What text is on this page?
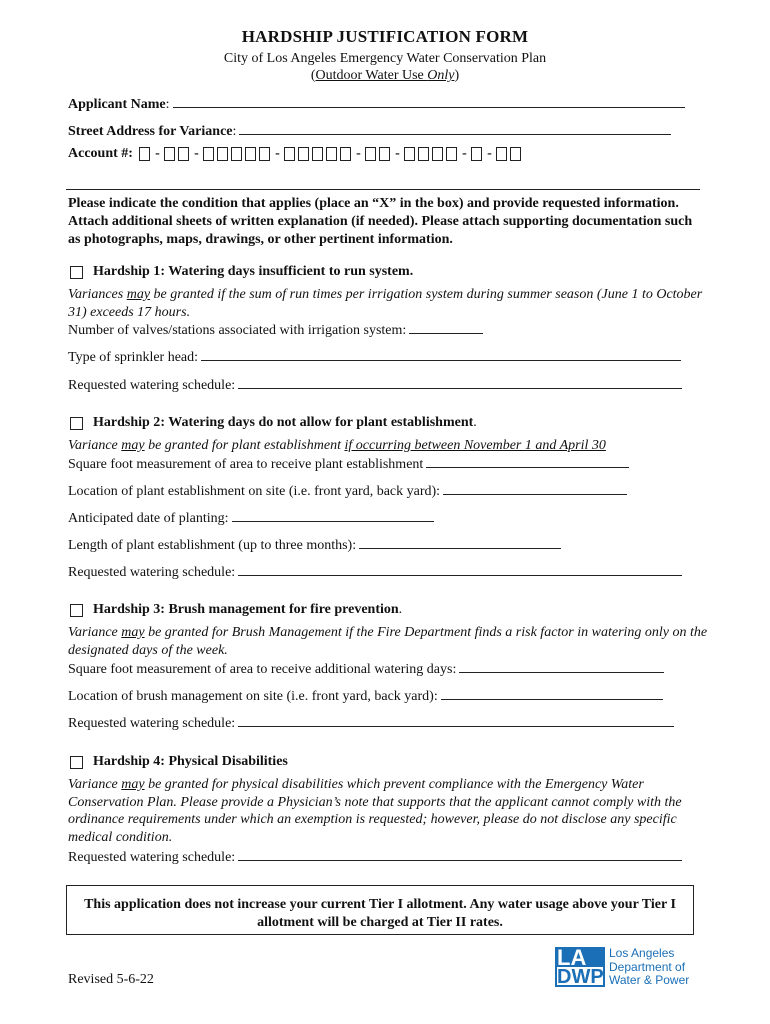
HARDSHIP JUSTIFICATION FORM
City of Los Angeles Emergency Water Conservation Plan
(Outdoor Water Use Only)
Applicant Name :
Street Address for Variance :
Account #: - -	-	- -	- -
Please indicate the condition that applies (place an “X” in the box) and provide requested information. Attach additional sheets of written explanation (if needed). Please attach supporting documentation such as photographs, maps, drawings, or other pertinent information.
Hardship 1 : Watering days insufficient to run system.
Variances may be granted if the sum of run times per irrigation system during summer season (June 1 to October 31) exceeds 17 hours.
Number of valves/stations associated with irrigation system:
Type of sprinkler head:
Requested watering schedule:
Hardship 2 : Watering days do not allow for plant establishment .
Variance may be granted for plant establishment if occurring between November 1 and April 30
Square foot measurement of area to receive plant establishment
Location of plant establishment on site (i.e. front yard, back yard):
Anticipated date of planting:
Length of plant establishment (up to three months):
Requested watering schedule:
Hardship 3: Brush management for fire prevention .
Variance may be granted for Brush Management if the Fire Department finds a risk factor in watering only on the designated days of the week.
Square foot measurement of area to receive additional watering days:
Location of brush management on site (i.e. front yard, back yard):
Requested watering schedule:
Hardship 4: Physical Disabilities
Variance may be granted for physical disabilities which prevent compliance with the Emergency Water Conservation Plan. Please provide a Physician’s note that supports that the applicant cannot comply with the ordinance requirements under which an exemption is requested; however, please do not disclose any specific medical condition.
Requested watering schedule:
This application does not increase your current Tier I allotment. Any water usage above your Tier I allotment will be charged at Tier II rates.
Revised 5-6-22
LA
DWP
Los Angeles
Department of
Water & Power
